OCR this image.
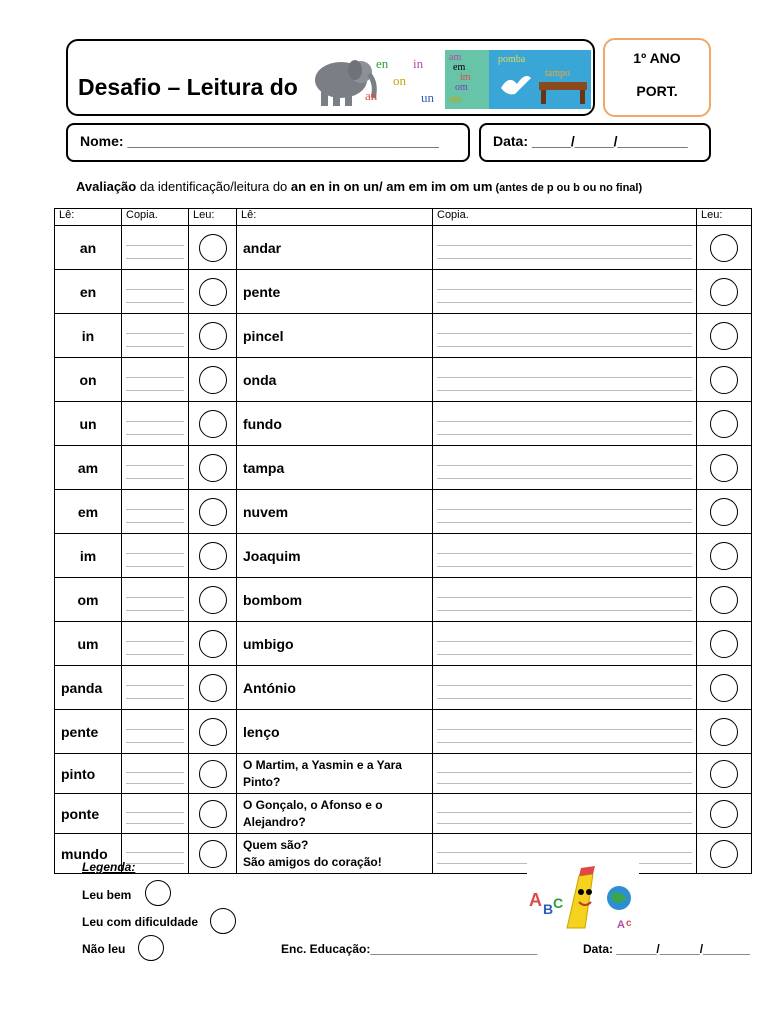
Desafio – Leitura do
en in
on
an	un
am
em
im
om
um
pomba
tampo
1º ANO
PORT.
Nome: ________________________________________	Data: _____/_____/_________
Avaliação da identificação/leitura do an en in on un/ am em im om um (antes de p ou b ou no final)
Lê:	Copia.	Leu:	Lê:	Copia.	Leu:
an			andar		

en			pente		

in			pincel		

on			onda		

un			fundo		

am			tampa		

em			nuvem		

im			Joaquim		

om			bombom		

um			umbigo		

panda			António		

pente			lenço		

pinto			O Martim, a Yasmin e a Yara Pinto?		

ponte			O Gonçalo, o Afonso e o Alejandro?		

mundo			Quem são?
São amigos do coração!		

Legenda:
Leu bem
Leu com dificuldade
Não leu
A B C
A c
Enc. Educação:_________________________	Data: ______/______/_______
